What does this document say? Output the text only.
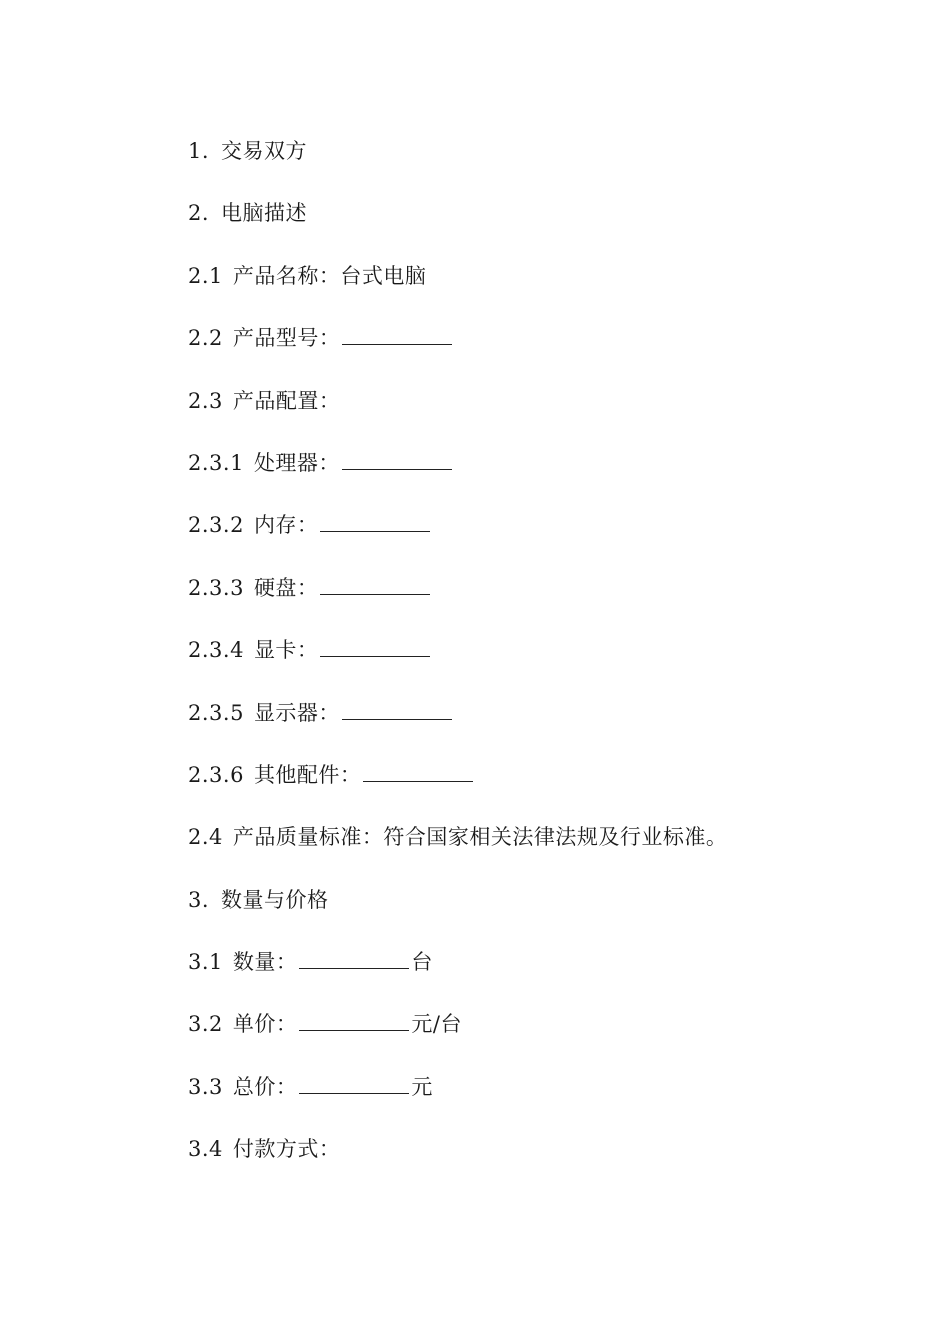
1. 交易双方
2. 电脑描述
2.1 产品名称：台式电脑
2.2 产品型号：
2.3 产品配置：
2.3.1 处理器：
2.3.2 内存：
2.3.3 硬盘：
2.3.4 显卡：
2.3.5 显示器：
2.3.6 其他配件：
2.4 产品质量标准：符合国家相关法律法规及行业标准。
3. 数量与价格
3.1 数量：	台
3.2 单价：	元/台
3.3 总价：	元
3.4 付款方式：
